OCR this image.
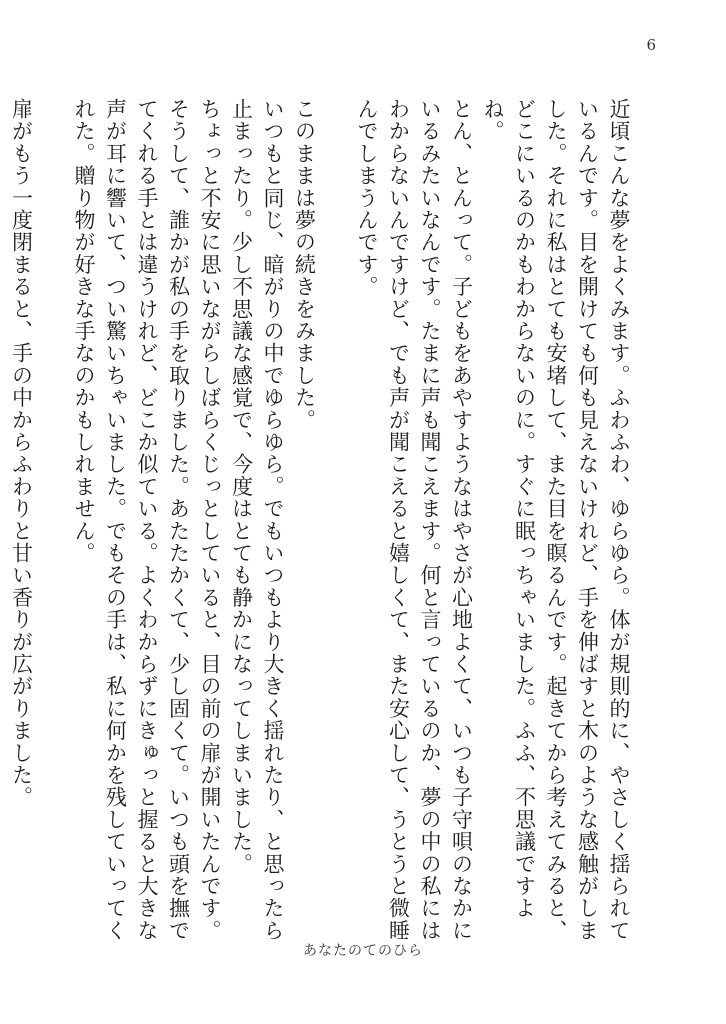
6

近頃こんな夢をよくみます。ふわふわ、ゆらゆら。体が規則的に、やさしく揺られているんです。目を開けても何も見えないけれど、手を伸ばすと木のような感触がしました。それに私はとても安堵して、また目を瞑るんです。起きてから考えてみると、どこにいるのかもわからないのに。すぐに眠っちゃいました。ふふ、不思議ですよね。

とん、とんって。子どもをあやすようなはやさが心地よくて、いつも子守唄のなかにいるみたいなんです。たまに声も聞こえます。何と言っているのか、夢の中の私にはわからないんですけど、でも声が聞こえると嬉しくて、また安心して、うとうと微睡んでしまうんです。

このままは夢の続きをみました。

いつもと同じ、暗がりの中でゆらゆら。でもいつもより大きく揺れたり、と思ったら止まったり。少し不思議な感覚で、今度はとても静かになってしまいました。

ちょっと不安に思いながらしばらくじっとしていると、目の前の扉が開いたんです。

そうして、誰かが私の手を取りました。あたたかくて、少し固くて。いつも頭を撫でてくれる手とは違うけれど、どこか似ている。よくわからずにきゅっと握ると大きな声が耳に響いて、つい驚いちゃいました。でもその手は、私に何かを残していってくれた。贈り物が好きな手なのかもしれません。

扉がもう一度閉まると、手の中からふわりと甘い香りが広がりました。

あなたのてのひら
